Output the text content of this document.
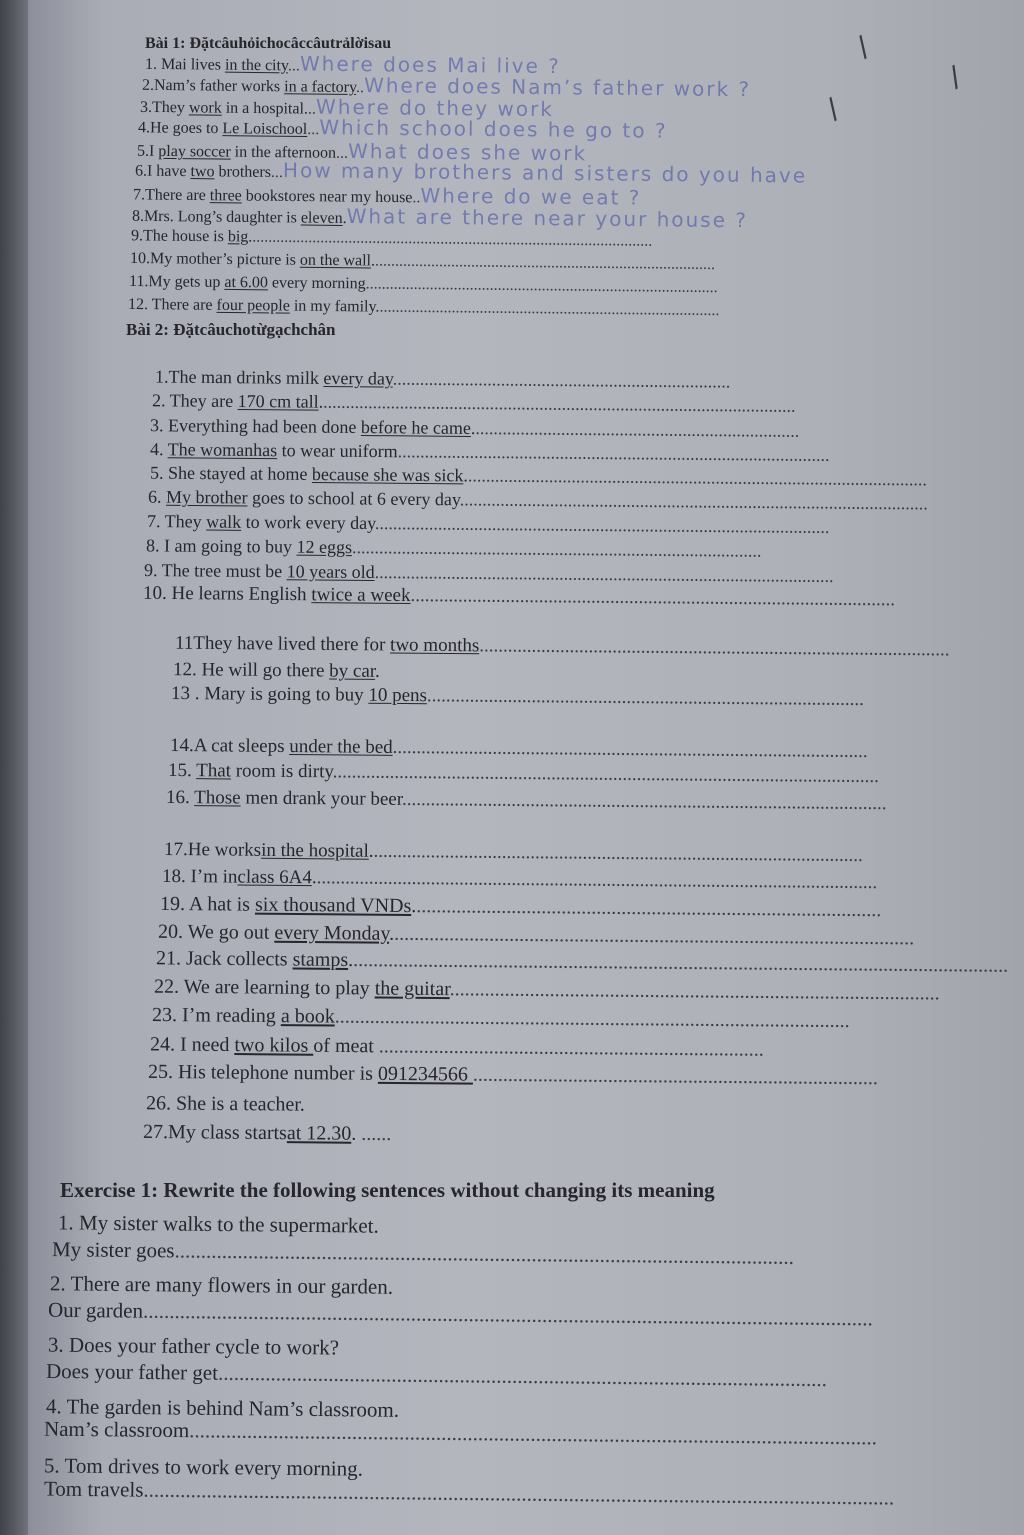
Bài 1: Đặtcâuhỏichocâccâutrảlờisau
1. Mai lives in the city...Where does Mai live ?
2.Nam’s father works in a factory..Where does Nam’s father work ?
3.They work in a hospital...Where do they work
4.He goes to Le Loischool...Which school does he go to ?
5.I play soccer in the afternoon...What does she work
6.I have two brothers...How many brothers and sisters do you have
7.There are three bookstores near my house..Where do we eat ?
8.Mrs. Long’s daughter is eleven.What are there near your house ?
9.The house is big.....................................................................................................
10.My mother’s picture is on the wall......................................................................................
11.My gets up at 6.00 every morning........................................................................................
12. There are four people in my family......................................................................................
Bài 2: Đặtcâuchotừgạchchân
1.The man drinks milk every day...........................................................................
2. They are 170 cm tall..........................................................................................................
3. Everything had been done before he came.........................................................................
4. The womanhas to wear uniform................................................................................................
5. She stayed at home because she was sick.......................................................................................................
6. My brother goes to school at 6 every day........................................................................................................
7. They walk to work every day.....................................................................................................
8. I am going to buy 12 eggs...........................................................................................
9. The tree must be 10 years old......................................................................................................
10. He learns English twice a week......................................................................................................
11They have lived there for two months...................................................................................................
12. He will go there by car.
13 . Mary is going to buy 10 pens............................................................................................
14.A cat sleeps under the bed....................................................................................................
15. That room is dirty...................................................................................................................
16. Those men drank your beer......................................................................................................
17.He worksin the hospital........................................................................................................
18. I’m inclass 6A4.......................................................................................................................
19. A hat is six thousand VNDs..............................................................................................
20. We go out every Monday.........................................................................................................
21. Jack collects stamps....................................................................................................................................
22. We are learning to play the guitar..................................................................................................
23. I’m reading a book.......................................................................................................
24. I need two kilos of meat .............................................................................
25. His telephone number is 091234566 .................................................................................
26. She is a teacher.
27.My class startsat 12.30. ......
Exercise 1: Rewrite the following sentences without changing its meaning
1. My sister walks to the supermarket.
My sister goes......................................................................................................................
2. There are many flowers in our garden.
Our garden...........................................................................................................................................
3. Does your father cycle to work?
Does your father get....................................................................................................................
4. The garden is behind Nam’s classroom.
Nam’s classroom...................................................................................................................................
5. Tom drives to work every morning.
Tom travels...............................................................................................................................................
/
/
/
